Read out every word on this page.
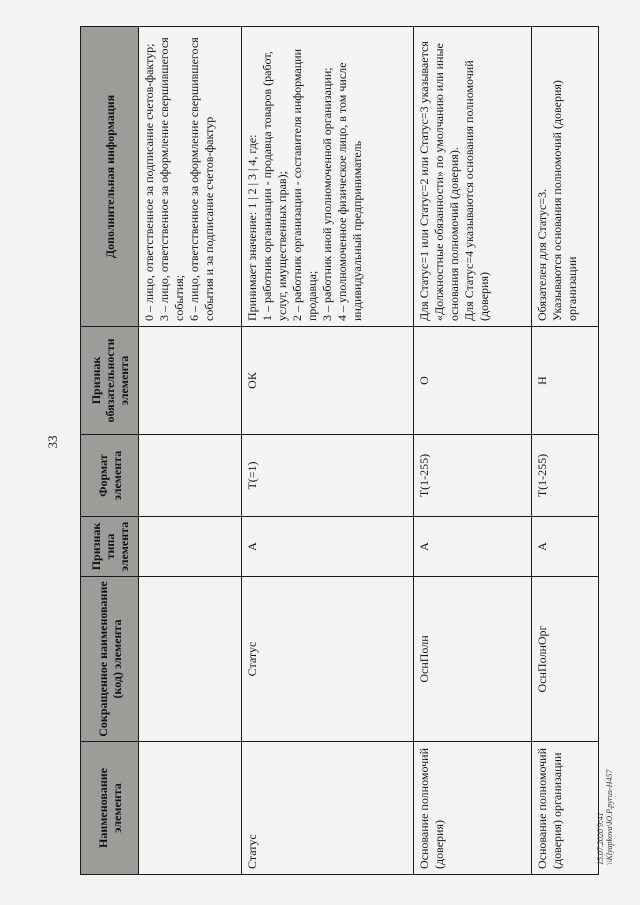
33
Наименование элемента	Сокращенное наименование (код) элемента	Признак типа элемента	Формат элемента	Признак обязательности элемента	Дополнительная информация
					0 – лицо, ответственное за подписание счетов-фактур;
3 – лицо, ответственное за оформление свершившегося события;
6 – лицо, ответственное за оформление свершившегося события и за подписание счетов-фактур
Статус	Статус	А	Т(=1)	ОК	Принимает значение: 1 | 2 | 3 | 4, где:
1 – работник организации - продавца товаров (работ, услуг, имущественных прав);
2 – работник организации - составителя информации продавца;
3 – работник иной уполномоченной организации;
4 – уполномоченное физическое лицо, в том числе индивидуальный предприниматель
Основание полномочий (доверия)	ОснПолн	А	Т(1-255)	О	Для Статус=1 или Статус=2 или Статус=3 указывается «Должностные обязанности» по умолчанию или иные основания полномочий (доверия).
Для Статус=4 указываются основания полномочий (доверия)
Основание полномочий (доверия) организации	ОснПолнОрг	А	Т(1-255)	Н	Обязателен для Статус=3.
Указываются основания полномочий (доверия) организации
15.07.2020 9:41 \\Klyapkova\Ю.Р.pyrus-H457
